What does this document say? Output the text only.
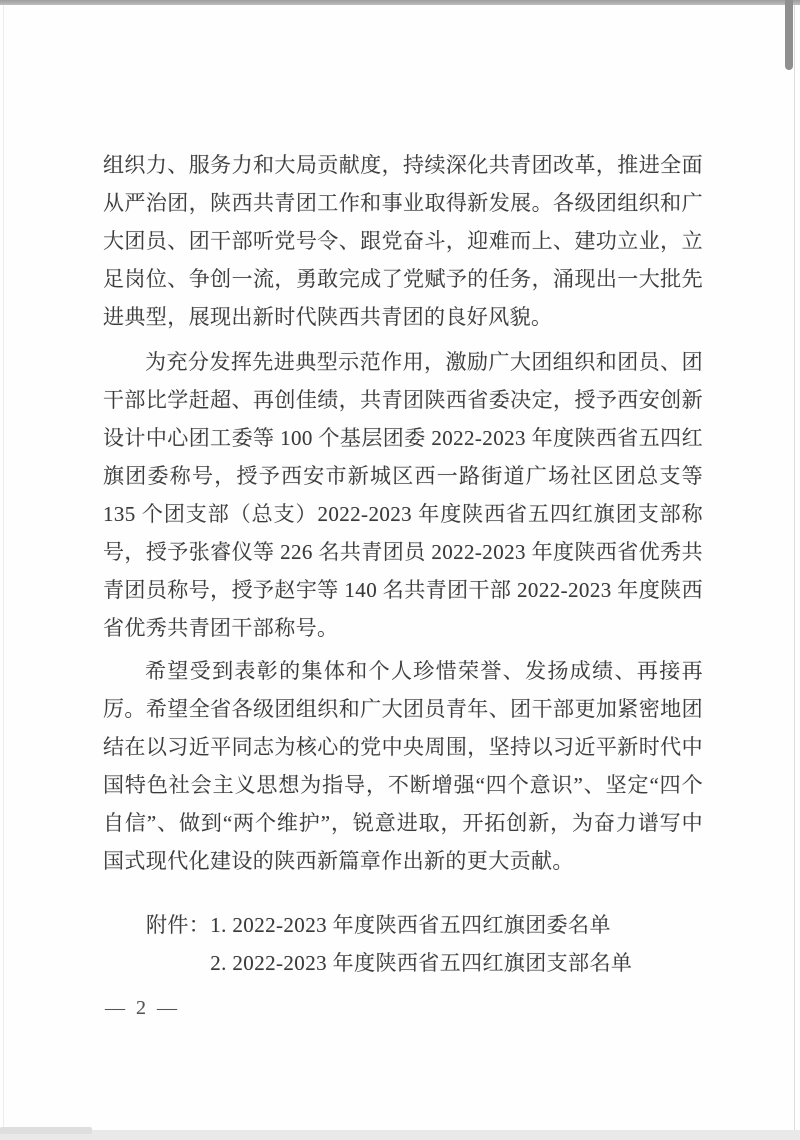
组织力、服务力和大局贡献度，持续深化共青团改革，推进全面从严治团，陕西共青团工作和事业取得新发展。各级团组织和广大团员、团干部听党号令、跟党奋斗，迎难而上、建功立业，立足岗位、争创一流，勇敢完成了党赋予的任务，涌现出一大批先进典型，展现出新时代陕西共青团的良好风貌。

为充分发挥先进典型示范作用，激励广大团组织和团员、团干部比学赶超、再创佳绩，共青团陕西省委决定，授予西安创新设计中心团工委等 100 个基层团委 2022-2023 年度陕西省五四红旗团委称号，授予西安市新城区西一路街道广场社区团总支等 135 个团支部（总支）2022-2023 年度陕西省五四红旗团支部称号，授予张睿仪等 226 名共青团员 2022-2023 年度陕西省优秀共青团员称号，授予赵宇等 140 名共青团干部 2022-2023 年度陕西省优秀共青团干部称号。

希望受到表彰的集体和个人珍惜荣誉、发扬成绩、再接再厉。希望全省各级团组织和广大团员青年、团干部更加紧密地团结在以习近平同志为核心的党中央周围，坚持以习近平新时代中国特色社会主义思想为指导，不断增强“四个意识”、坚定“四个自信”、做到“两个维护”，锐意进取，开拓创新，为奋力谱写中国式现代化建设的陕西新篇章作出新的更大贡献。

附件： 1. 2022-2023 年度陕西省五四红旗团委名单
2. 2022-2023 年度陕西省五四红旗团支部名单
— 2 —
